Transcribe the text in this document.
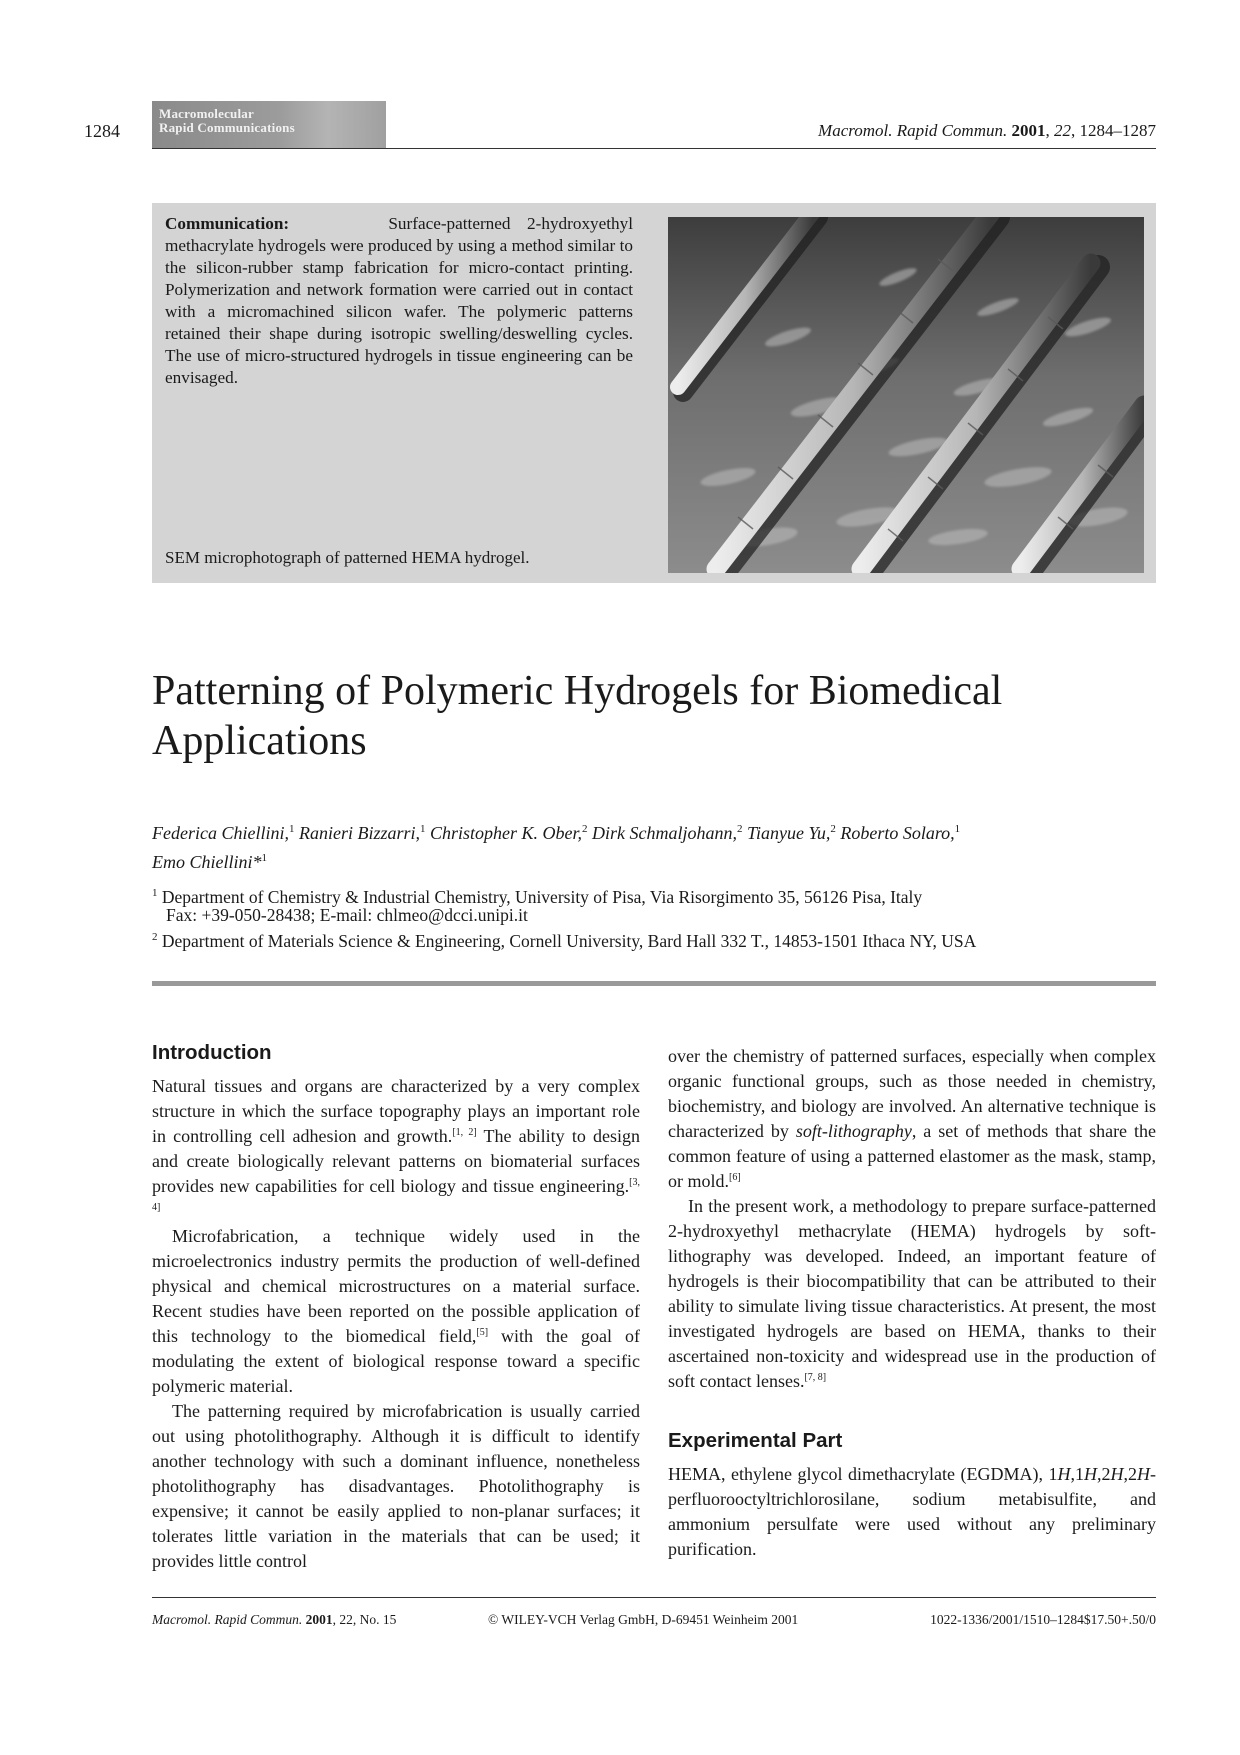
1284
Macromolecular
Rapid Communications	Macromol. Rapid Commun. 2001, 22, 1284–1287

Communication:	Surface-patterned 2-hydroxyethyl methacrylate hydrogels were produced by using a method similar to the silicon-rubber stamp fabrication for micro-contact printing. Polymerization and network formation were carried out in contact with a micromachined silicon wafer. The polymeric patterns retained their shape during isotropic swelling/deswelling cycles. The use of micro-structured hydrogels in tissue engineering can be envisaged.

SEM microphotograph of patterned HEMA hydrogel.

Patterning of Polymeric Hydrogels for Biomedical Applications

Federica Chiellini,$^1$ Ranieri Bizzarri,$^1$ Christopher K. Ober,$^2$ Dirk Schmaljohann,$^2$ Tianyue Yu,$^2$ Roberto Solaro,$^1$
Emo Chiellini*$^1$

$^1$ Department of Chemistry & Industrial Chemistry, University of Pisa, Via Risorgimento 35, 56126 Pisa, Italy

Fax: +39-050-28438; E-mail: chlmeo@dcci.unipi.it

$^2$ Department of Materials Science & Engineering, Cornell University, Bard Hall 332 T., 14853-1501 Ithaca NY, USA

Introduction

Natural tissues and organs are characterized by a very complex structure in which the surface topography plays an important role in controlling cell adhesion and growth.[1, 2] The ability to design and create biologically relevant patterns on biomaterial surfaces provides new capabilities for cell biology and tissue engineering.[3, 4]

Microfabrication, a technique widely used in the microelectronics industry permits the production of well-defined physical and chemical microstructures on a material surface. Recent studies have been reported on the possible application of this technology to the biomedical field,[5] with the goal of modulating the extent of biological response toward a specific polymeric material.

The patterning required by microfabrication is usually carried out using photolithography. Although it is difficult to identify another technology with such a dominant influence, nonetheless photolithography has disadvantages. Photolithography is expensive; it cannot be easily applied to non-planar surfaces; it tolerates little variation in the materials that can be used; it provides little control

over the chemistry of patterned surfaces, especially when complex organic functional groups, such as those needed in chemistry, biochemistry, and biology are involved. An alternative technique is characterized by soft-lithography, a set of methods that share the common feature of using a patterned elastomer as the mask, stamp, or mold.[6]

In the present work, a methodology to prepare surface-patterned 2-hydroxyethyl methacrylate (HEMA) hydrogels by soft-lithography was developed. Indeed, an important feature of hydrogels is their biocompatibility that can be attributed to their ability to simulate living tissue characteristics. At present, the most investigated hydrogels are based on HEMA, thanks to their ascertained non-toxicity and widespread use in the production of soft contact lenses.[7, 8]

Experimental Part

HEMA, ethylene glycol dimethacrylate (EGDMA), 1H,1H,2H,2H-perfluorooctyltrichlorosilane, sodium metabisulfite, and ammonium persulfate were used without any preliminary purification.

Macromol. Rapid Commun. 2001, 22, No. 15	© WILEY-VCH Verlag GmbH, D-69451 Weinheim 2001	1022-1336/2001/1510–1284$17.50+.50/0
